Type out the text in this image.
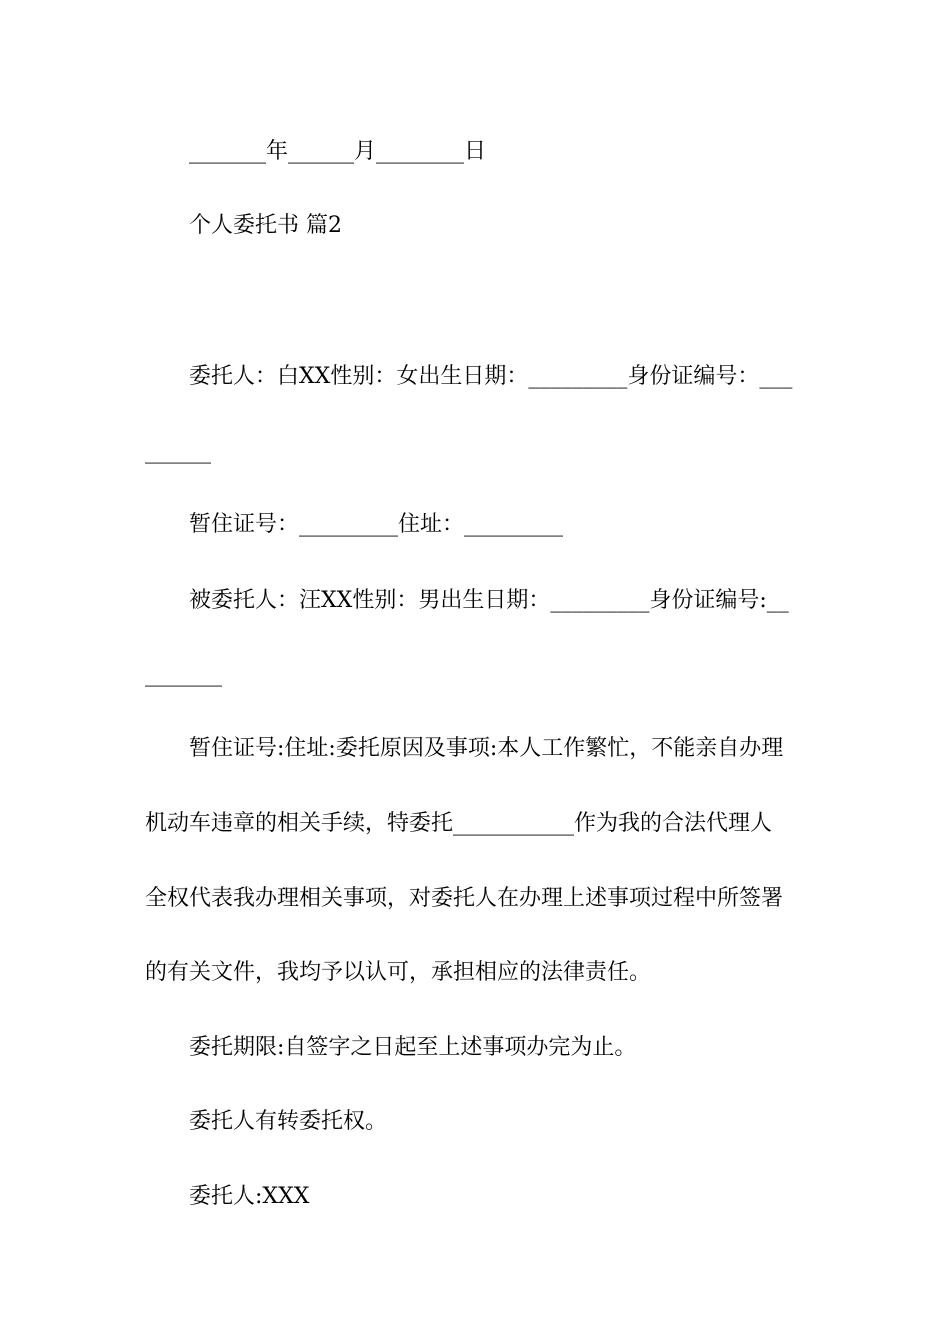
_______年______月________日
个人委托书 篇2
委托人：白XX性别：女出生日期：_________身份证编号：___
______
暂住证号：_________住址：_________
被委托人：汪XX性别：男出生日期：_________身份证编号:__
_______
暂住证号:住址:委托原因及事项:本人工作繁忙，不能亲自办理
机动车违章的相关手续，特委托___________作为我的合法代理人
全权代表我办理相关事项，对委托人在办理上述事项过程中所签署
的有关文件，我均予以认可，承担相应的法律责任。
委托期限:自签字之日起至上述事项办完为止。
委托人有转委托权。
委托人:XXX
